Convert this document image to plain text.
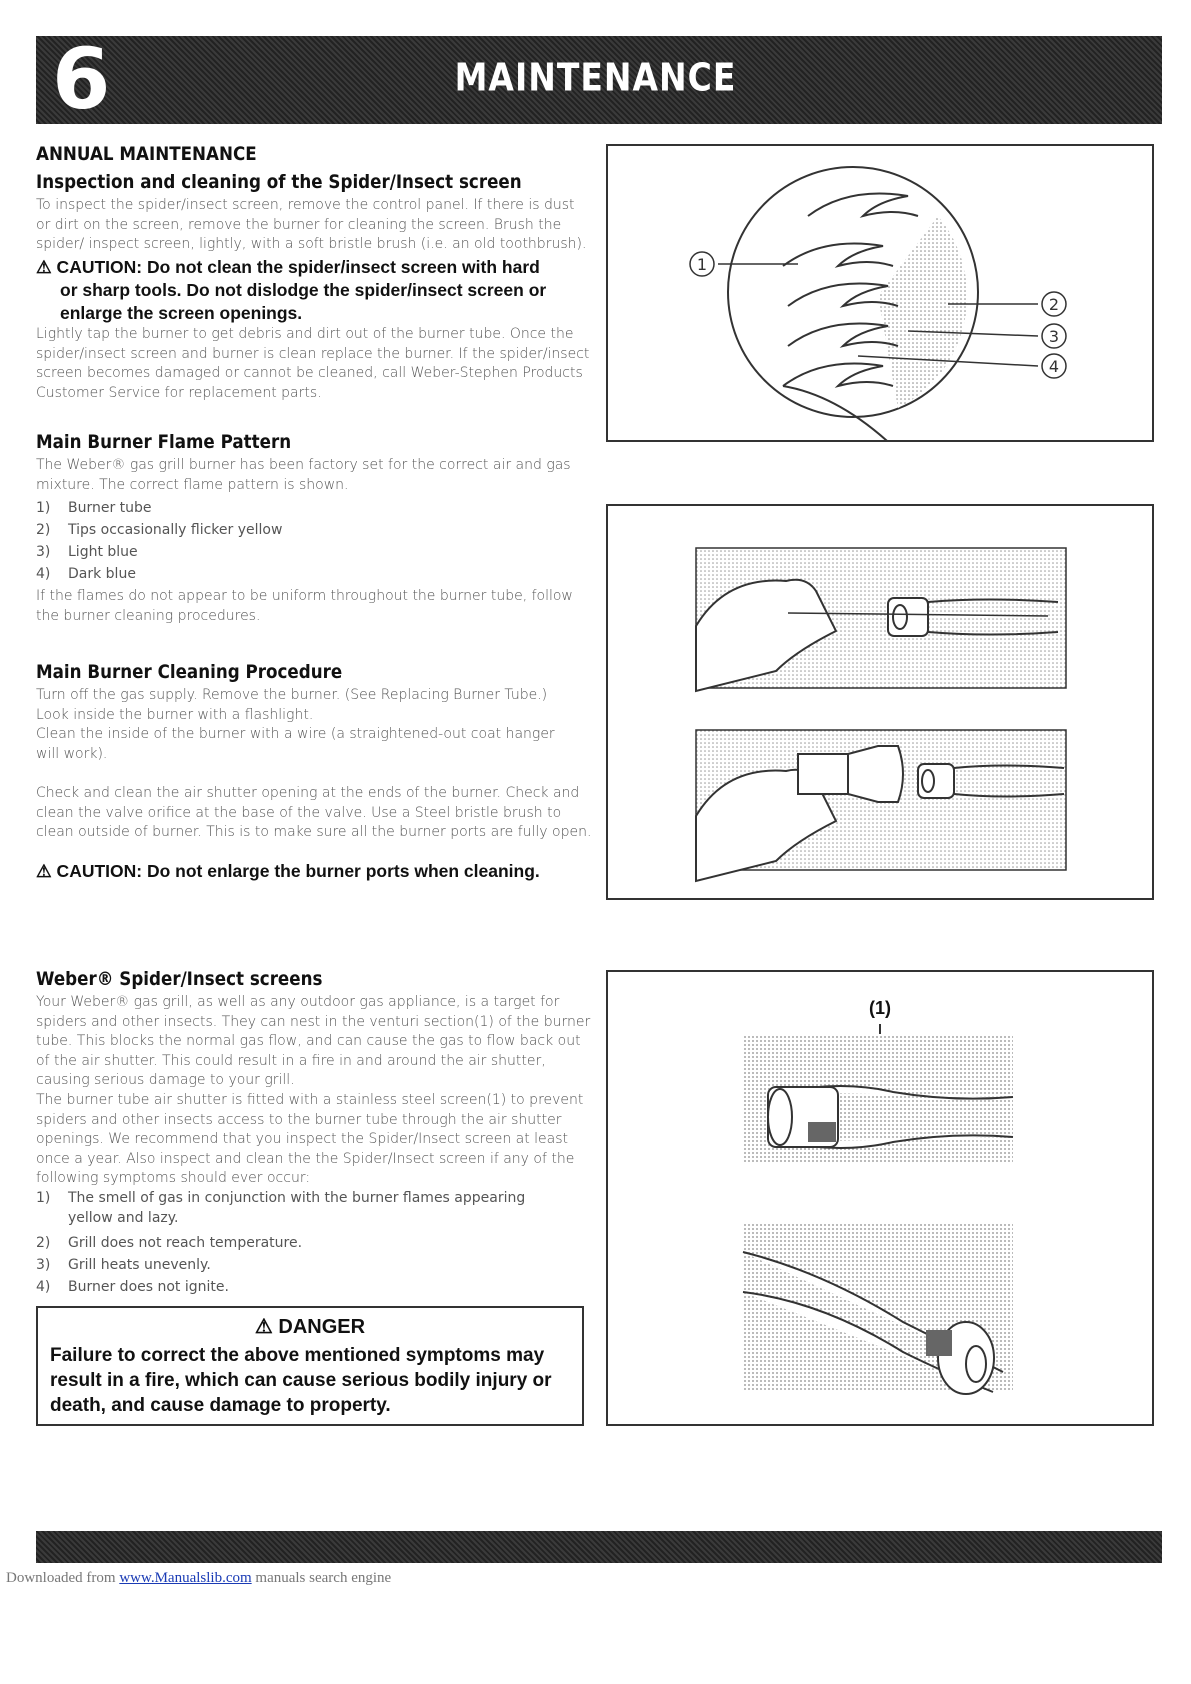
6	MAINTENANCE
ANNUAL MAINTENANCE
Inspection and cleaning of the Spider/Insect screen
To inspect the spider/insect screen, remove the control panel. If there is dust or dirt on the screen, remove the burner for cleaning the screen. Brush the spider/ inspect screen, lightly, with a soft bristle brush (i.e. an old toothbrush).
⚠ CAUTION: Do not clean the spider/insect screen with hard
or sharp tools. Do not dislodge the spider/insect screen or
enlarge the screen openings.
Lightly tap the burner to get debris and dirt out of the burner tube. Once the spider/insect screen and burner is clean replace the burner. If the spider/insect screen becomes damaged or cannot be cleaned, call Weber-Stephen Products Customer Service for replacement parts.
Main Burner Flame Pattern
The Weber® gas grill burner has been factory set for the correct air and gas mixture. The correct flame pattern is shown.
1) Burner tube
2) Tips occasionally flicker yellow
3) Light blue
4) Dark blue
If the flames do not appear to be uniform throughout the burner tube, follow the burner cleaning procedures.
Main Burner Cleaning Procedure
Turn off the gas supply. Remove the burner. (See Replacing Burner Tube.)
Look inside the burner with a flashlight.
Clean the inside of the burner with a wire (a straightened-out coat hanger will work).
Check and clean the air shutter opening at the ends of the burner. Check and clean the valve orifice at the base of the valve. Use a Steel bristle brush to clean outside of burner. This is to make sure all the burner ports are fully open.
⚠ CAUTION: Do not enlarge the burner ports when cleaning.
Weber® Spider/Insect screens
Your Weber® gas grill, as well as any outdoor gas appliance, is a target for spiders and other insects. They can nest in the venturi section(1) of the burner tube. This blocks the normal gas flow, and can cause the gas to flow back out of the air shutter. This could result in a fire in and around the air shutter, causing serious damage to your grill.
The burner tube air shutter is fitted with a stainless steel screen(1) to prevent spiders and other insects access to the burner tube through the air shutter openings. We recommend that you inspect the Spider/Insect screen at least once a year. Also inspect and clean the the Spider/Insect screen if any of the following symptoms should ever occur:
1)	The smell of gas in conjunction with the burner flames appearing yellow and lazy.
2)	Grill does not reach temperature.
3)	Grill heats unevenly.
4)	Burner does not ignite.
⚠ DANGER
Failure to correct the above mentioned symptoms may result in a fire, which can cause serious bodily injury or death, and cause damage to property.
1
2
3
4
(1)
Downloaded from www.Manualslib.com manuals search engine
